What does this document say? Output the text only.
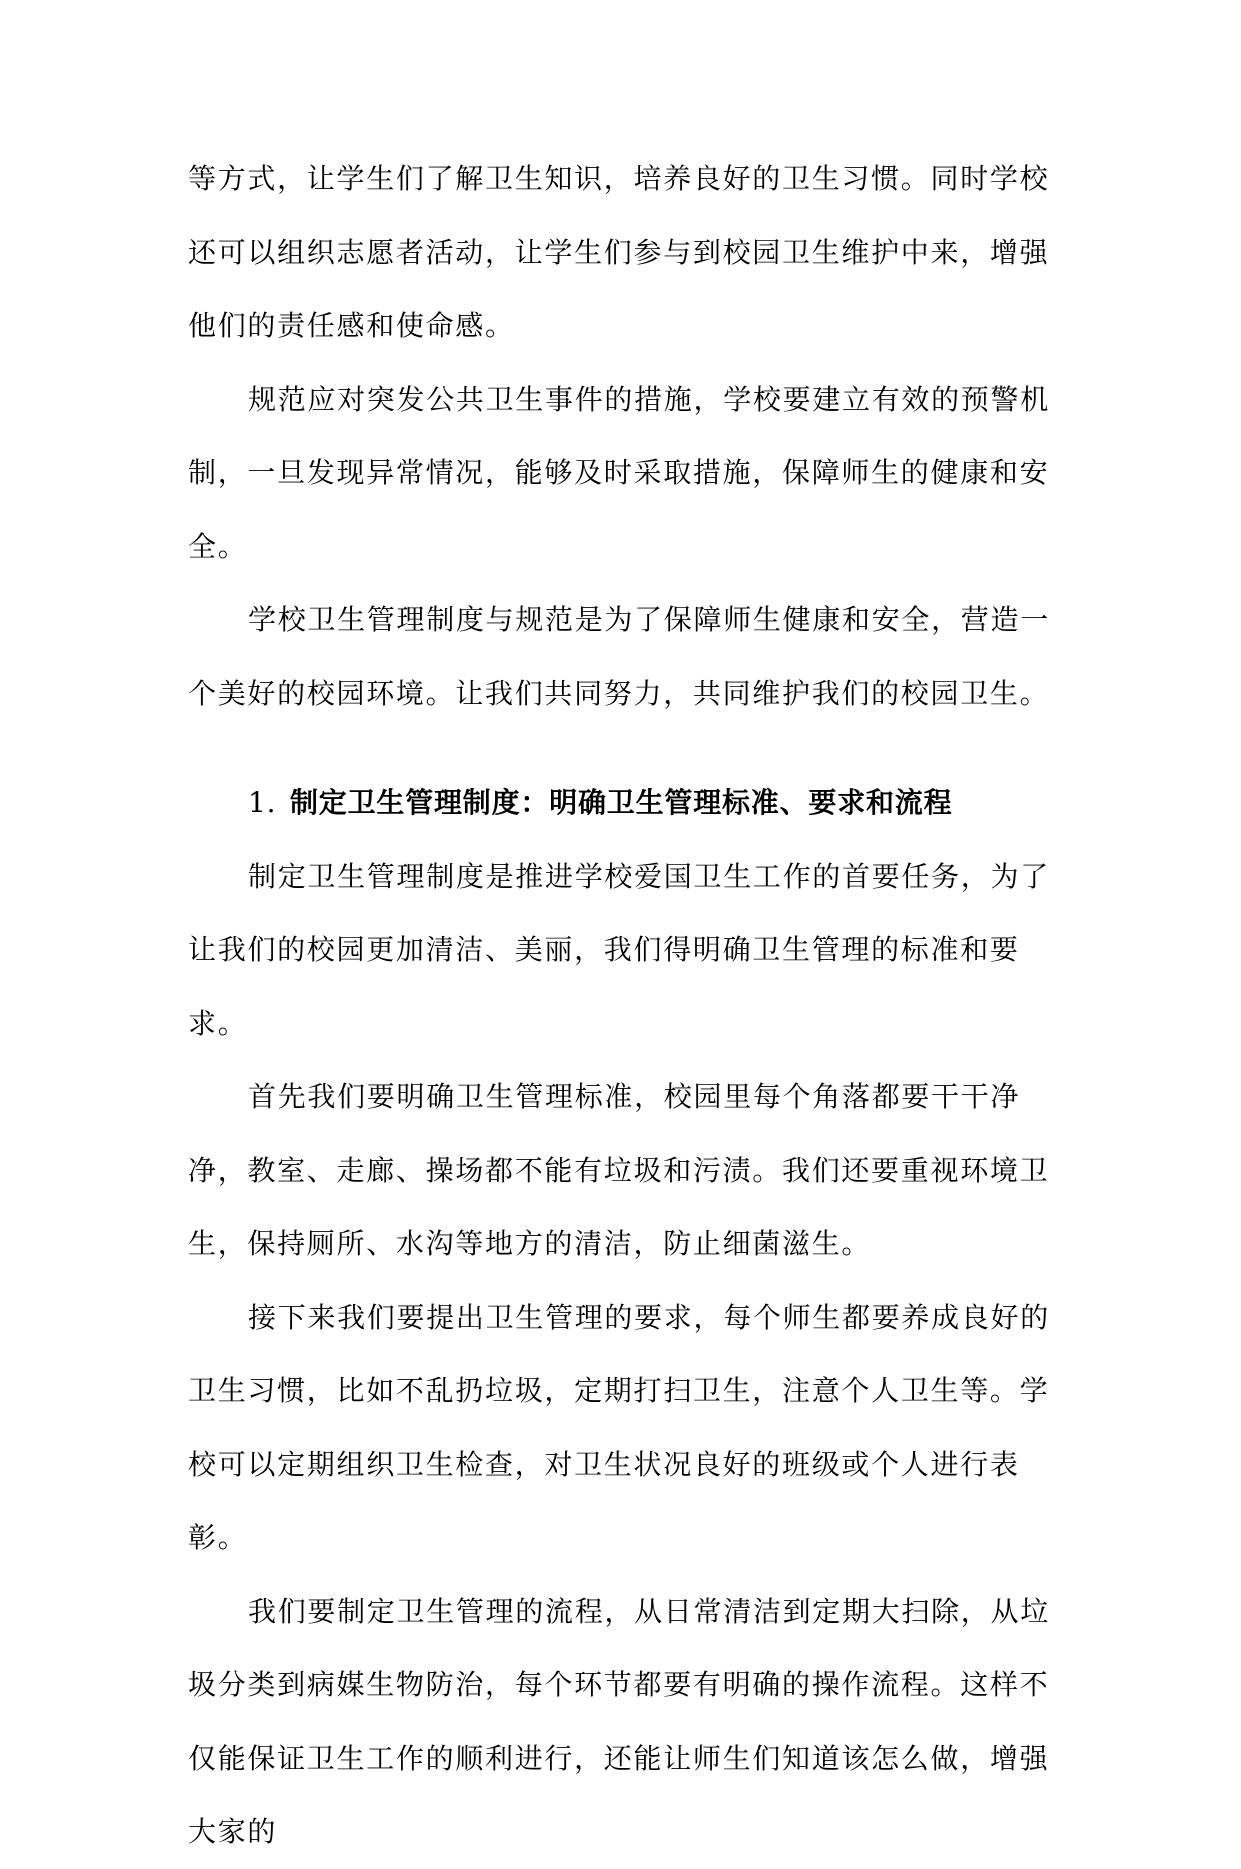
等方式，让学生们了解卫生知识，培养良好的卫生习惯。同时学校还可以组织志愿者活动，让学生们参与到校园卫生维护中来，增强他们的责任感和使命感。

规范应对突发公共卫生事件的措施，学校要建立有效的预警机制，一旦发现异常情况，能够及时采取措施，保障师生的健康和安全。

学校卫生管理制度与规范是为了保障师生健康和安全，营造一个美好的校园环境。让我们共同努力，共同维护我们的校园卫生。

1. 制定卫生管理制度：明确卫生管理标准、要求和流程

制定卫生管理制度是推进学校爱国卫生工作的首要任务，为了让我们的校园更加清洁、美丽，我们得明确卫生管理的标准和要求。

首先我们要明确卫生管理标准，校园里每个角落都要干干净净，教室、走廊、操场都不能有垃圾和污渍。我们还要重视环境卫生，保持厕所、水沟等地方的清洁，防止细菌滋生。

接下来我们要提出卫生管理的要求，每个师生都要养成良好的卫生习惯，比如不乱扔垃圾，定期打扫卫生，注意个人卫生等。学校可以定期组织卫生检查，对卫生状况良好的班级或个人进行表彰。

我们要制定卫生管理的流程，从日常清洁到定期大扫除，从垃圾分类到病媒生物防治，每个环节都要有明确的操作流程。这样不仅能保证卫生工作的顺利进行，还能让师生们知道该怎么做，增强大家的
